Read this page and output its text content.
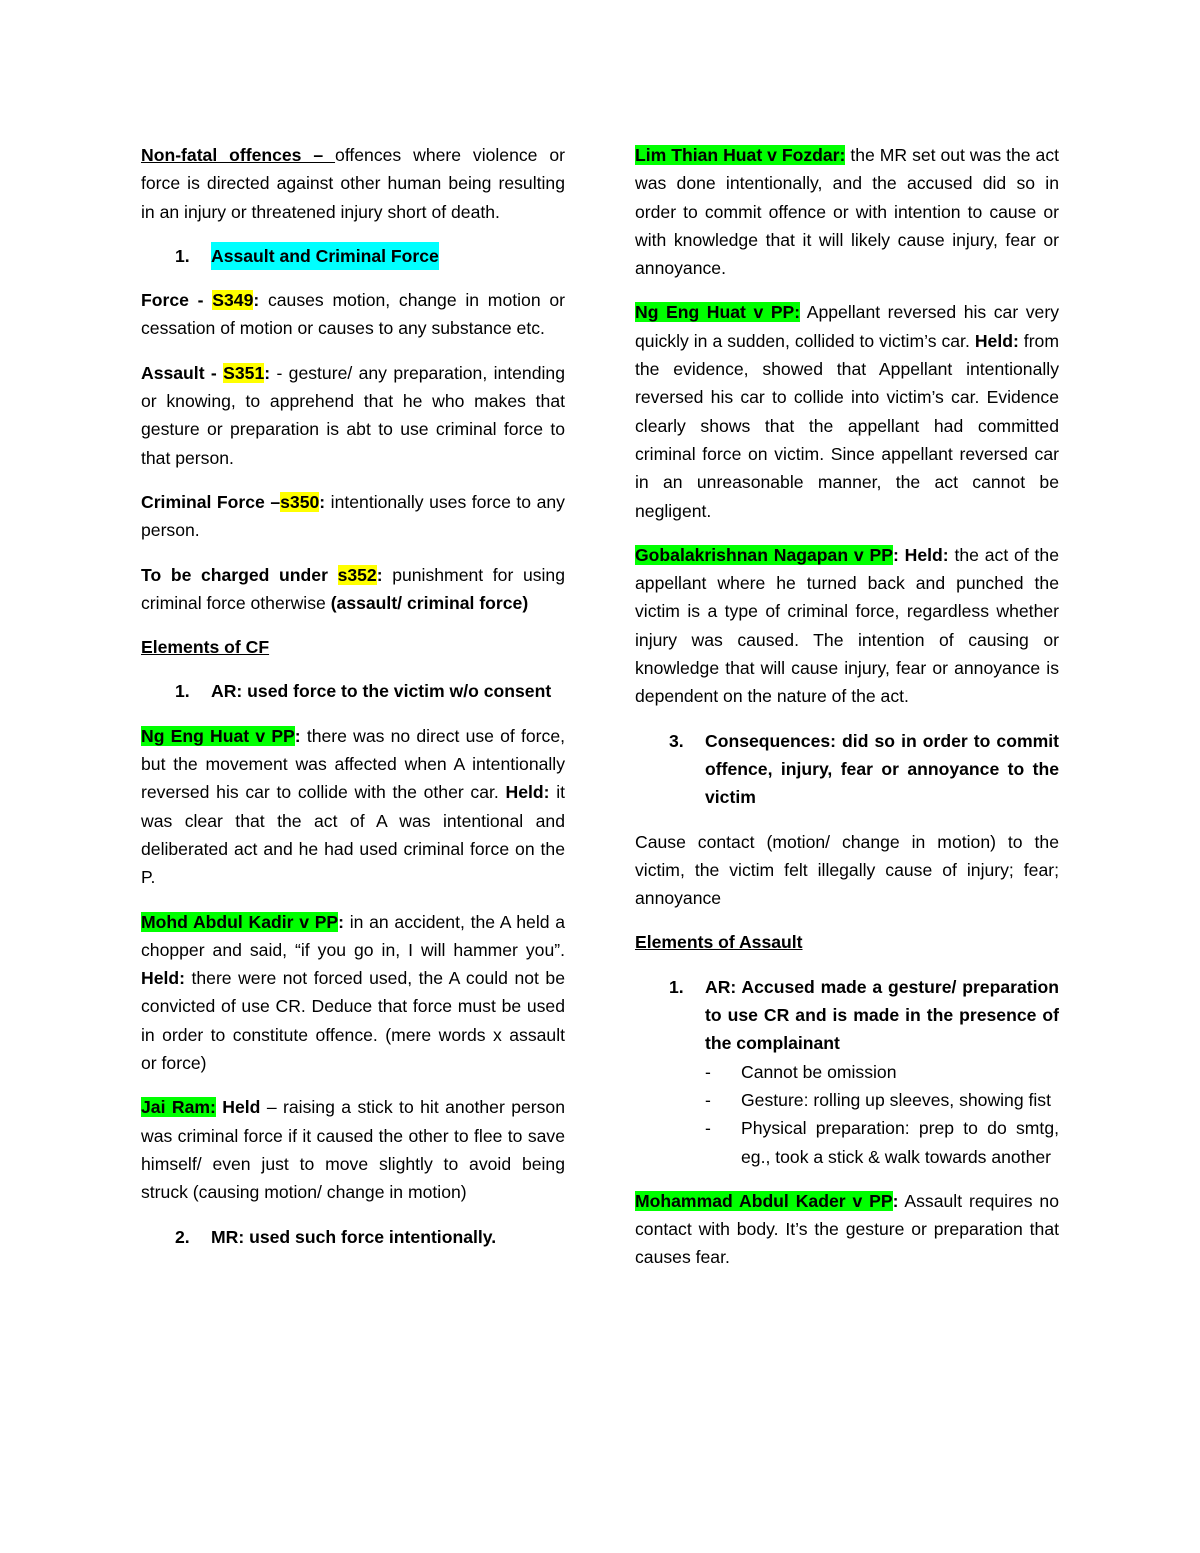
Non-fatal offences – offences where violence or force is directed against other human being resulting in an injury or threatened injury short of death.

1.	Assault and Criminal Force

Force - S349: causes motion, change in motion or cessation of motion or causes to any substance etc.

Assault - S351: - gesture/ any preparation, intending or knowing, to apprehend that he who makes that gesture or preparation is abt to use criminal force to that person.

Criminal Force –s350: intentionally uses force to any person.

To be charged under s352: punishment for using criminal force otherwise (assault/ criminal force)

Elements of CF

1.	AR: used force to the victim w/o consent

Ng Eng Huat v PP: there was no direct use of force, but the movement was affected when A intentionally reversed his car to collide with the other car. Held: it was clear that the act of A was intentional and deliberated act and he had used criminal force on the P.

Mohd Abdul Kadir v PP: in an accident, the A held a chopper and said, “if you go in, I will hammer you”. Held: there were not forced used, the A could not be convicted of use CR. Deduce that force must be used in order to constitute offence. (mere words x assault or force)

Jai Ram: Held – raising a stick to hit another person was criminal force if it caused the other to flee to save himself/ even just to move slightly to avoid being struck (causing motion/ change in motion)

2.	MR: used such force intentionally.

Lim Thian Huat v Fozdar: the MR set out was the act was done intentionally, and the accused did so in order to commit offence or with intention to cause or with knowledge that it will likely cause injury, fear or annoyance.

Ng Eng Huat v PP: Appellant reversed his car very quickly in a sudden, collided to victim’s car. Held: from the evidence, showed that Appellant intentionally reversed his car to collide into victim’s car. Evidence clearly shows that the appellant had committed criminal force on victim. Since appellant reversed car in an unreasonable manner, the act cannot be negligent.

Gobalakrishnan Nagapan v PP: Held: the act of the appellant where he turned back and punched the victim is a type of criminal force, regardless whether injury was caused. The intention of causing or knowledge that will cause injury, fear or annoyance is dependent on the nature of the act.

3.	Consequences: did so in order to commit offence, injury, fear or annoyance to the victim

Cause contact (motion/ change in motion) to the victim, the victim felt illegally cause of injury; fear; annoyance

Elements of Assault

1.	AR: Accused made a gesture/ preparation to use CR and is made in the presence of the complainant
-	Cannot be omission
-	Gesture: rolling up sleeves, showing fist
-	Physical preparation: prep to do smtg, eg., took a stick & walk towards another

Mohammad Abdul Kader v PP: Assault requires no contact with body. It’s the gesture or preparation that causes fear.
